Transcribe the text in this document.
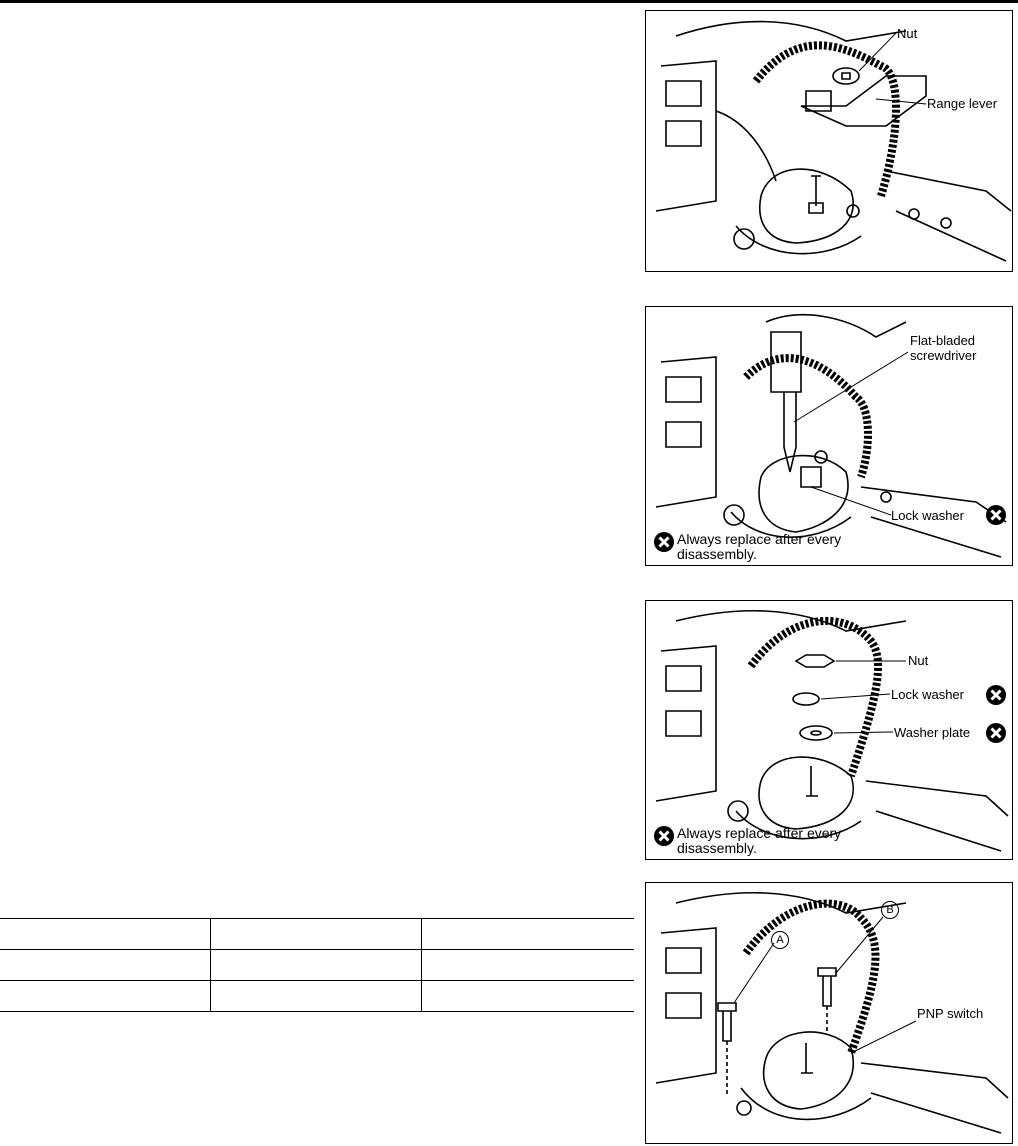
Nut
Range lever
Flat-bladed
screwdriver
Lock washer
Always replace after every
disassembly.
Nut
Lock washer
Washer plate
Always replace after every
disassembly.
A
B
PNP switch
